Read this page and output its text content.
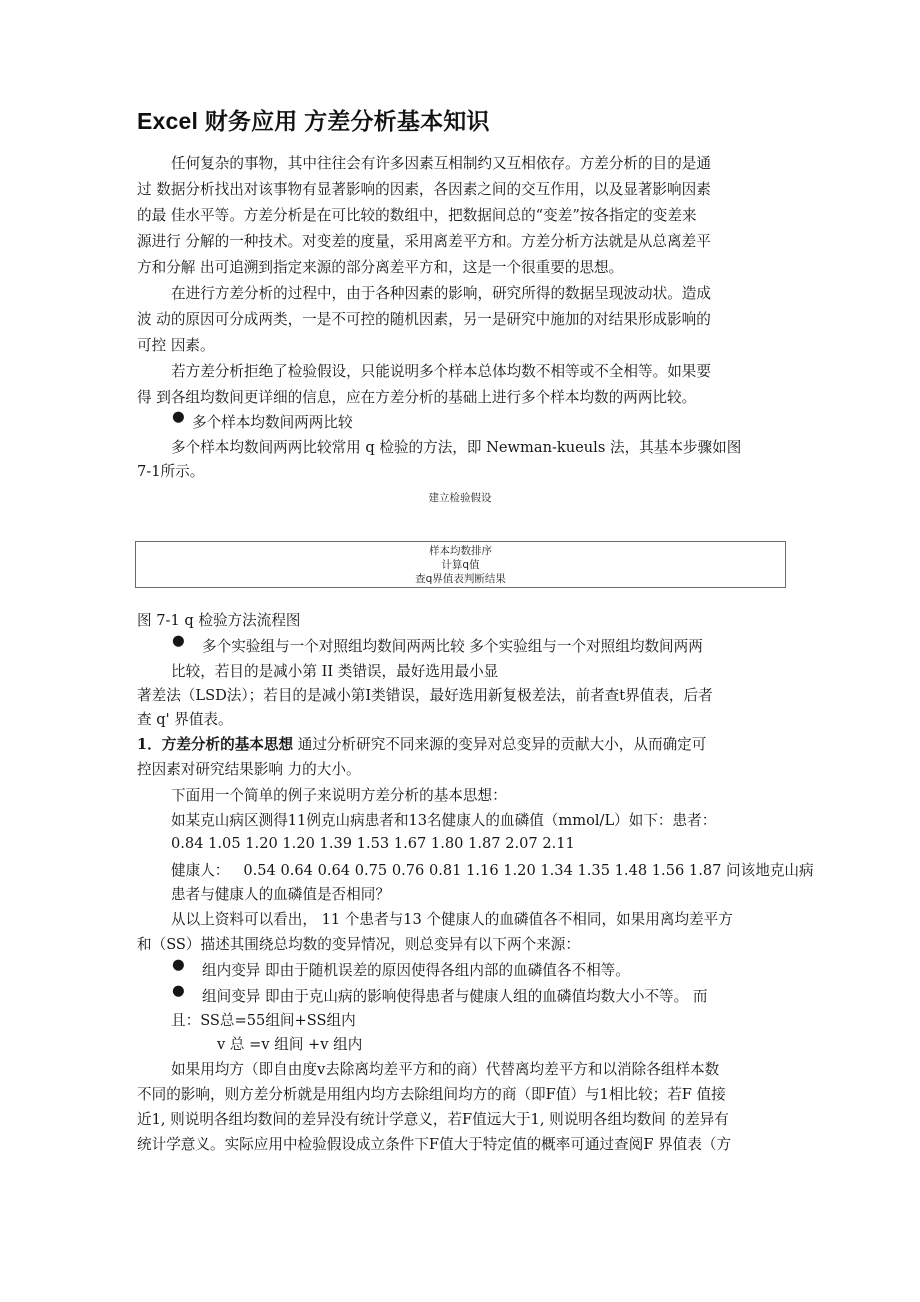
Excel 财务应用 方差分析基本知识
任何复杂的事物，其中往往会有许多因素互相制约又互相依存。方差分析的目的是通
过 数据分析找出对该事物有显著影响的因素，各因素之间的交互作用，以及显著影响因素
的最 佳水平等。方差分析是在可比较的数组中，把数据间总的“变差”按各指定的变差来
源进行 分解的一种技术。对变差的度量，采用离差平方和。方差分析方法就是从总离差平
方和分解 出可追溯到指定来源的部分离差平方和，这是一个很重要的思想。
在进行方差分析的过程中，由于各种因素的影响，研究所得的数据呈现波动状。造成
波 动的原因可分成两类，一是不可控的随机因素，另一是研究中施加的对结果形成影响的
可控 因素。
若方差分析拒绝了检验假设，只能说明多个样本总体均数不相等或不全相等。如果要
得 到各组均数间更详细的信息，应在方差分析的基础上进行多个样本均数的两两比较。
● 多个样本均数间两两比较
多个样本均数间两两比较常用 q 检验的方法，即 Newman-kueuls 法，其基本步骤如图
7-1所示。
建立检验假设
样本均数排序
计算q值
查q界值表判断结果
图 7-1 q 检验方法流程图
● 多个实验组与一个对照组均数间两两比较 多个实验组与一个对照组均数间两两
比较，若目的是减小第 II 类错误，最好选用最小显
著差法（LSD法）；若目的是减小第I类错误，最好选用新复极差法，前者查t界值表，后者
查 q' 界值表。
1．方差分析的基本思想 通过分析研究不同来源的变异对总变异的贡献大小，从而确定可
控因素对研究结果影响 力的大小。
下面用一个简单的例子来说明方差分析的基本思想：
如某克山病区测得11例克山病患者和13名健康人的血磷值（mmol/L）如下：患者：
0.84 1.05 1.20 1.20 1.39 1.53 1.67 1.80 1.87 2.07 2.11
健康人： 0.54 0.64 0.64 0.75 0.76 0.81 1.16 1.20 1.34 1.35 1.48 1.56 1.87 问该地克山病
患者与健康人的血磷值是否相同？
从以上资料可以看出， 11 个患者与13 个健康人的血磷值各不相同，如果用离均差平方
和（SS）描述其围绕总均数的变异情况，则总变异有以下两个来源：
● 组内变异 即由于随机误差的原因使得各组内部的血磷值各不相等。
● 组间变异 即由于克山病的影响使得患者与健康人组的血磷值均数大小不等。 而
且：SS总=55组间+SS组内
v 总 =v 组间 +v 组内
如果用均方（即自由度v去除离均差平方和的商）代替离均差平方和以消除各组样本数
不同的影响，则方差分析就是用组内均方去除组间均方的商（即F值）与1相比较；若F 值接
近1, 则说明各组均数间的差异没有统计学意义，若F值远大于1, 则说明各组均数间 的差异有
统计学意义。实际应用中检验假设成立条件下F值大于特定值的概率可通过查阅F 界值表（方
